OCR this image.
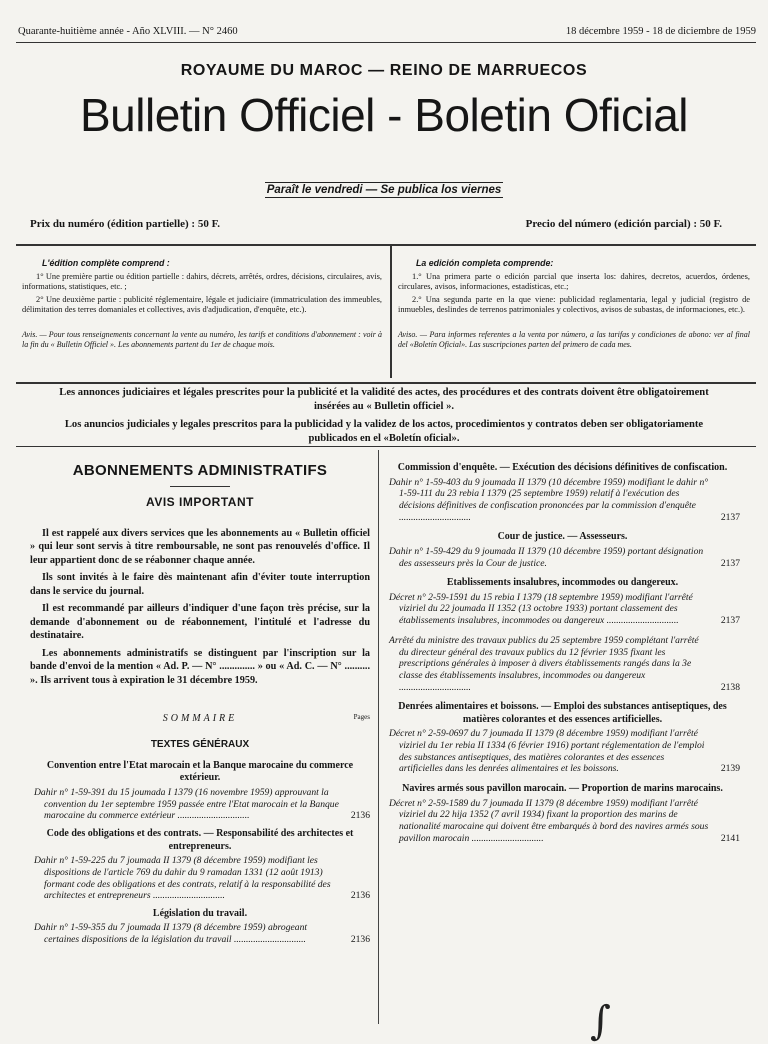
Quarante-huitième année - Año XLVIII. — N° 2460	18 décembre 1959 - 18 de diciembre de 1959
ROYAUME DU MAROC — REINO DE MARRUECOS
Bulletin Officiel - Boletin Oficial
Paraît le vendredi — Se publica los viernes
Prix du numéro (édition partielle) : 50 F.	Precio del número (edición parcial) : 50 F.
L'édition complète comprend :

1° Une première partie ou édition partielle : dahirs, décrets, arrêtés, ordres, décisions, circulaires, avis, informations, statistiques, etc. ;

2° Une deuxième partie : publicité réglementaire, légale et judiciaire (immatriculation des immeubles, délimitation des terres domaniales et collectives, avis d'adjudication, d'enquête, etc.).

Avis. — Pour tous renseignements concernant la vente au numéro, les tarifs et conditions d'abonnement : voir à la fin du « Bulletin Officiel ». Les abonnements partent du 1er de chaque mois.

La edición completa comprende:

1.° Una primera parte o edición parcial que inserta los: dahires, decretos, acuerdos, órdenes, circulares, avisos, informaciones, estadísticas, etc.;

2.° Una segunda parte en la que viene: publicidad reglamentaria, legal y judicial (registro de inmuebles, deslindes de terrenos patrimoniales y colectivos, avisos de subastas, de informaciones, etc.).

Aviso. — Para informes referentes a la venta por número, a las tarifas y condiciones de abono: ver al final del «Boletín Oficial». Las suscripciones parten del primero de cada mes.

Les annonces judiciaires et légales prescrites pour la publicité et la validité des actes, des procédures et des contrats doivent être obligatoirement insérées au « Bulletin officiel ».

Los anuncios judiciales y legales prescritos para la publicidad y la validez de los actos, procedimientos y contratos deben ser obligatoriamente publicados en el «Boletín oficial».

ABONNEMENTS ADMINISTRATIFS
AVIS IMPORTANT

Il est rappelé aux divers services que les abonnements au « Bulletin officiel » qui leur sont servis à titre remboursable, ne sont pas renouvelés d'office. Il leur appartient donc de se réabonner chaque année.

Ils sont invités à le faire dès maintenant afin d'éviter toute interruption dans le service du journal.

Il est recommandé par ailleurs d'indiquer d'une façon très précise, sur la demande d'abonnement ou de réabonnement, l'intitulé et l'adresse du destinataire.

Les abonnements administratifs se distinguent par l'inscription sur la bande d'envoi de la mention « Ad. P. — N° .............. » ou « Ad. C. — N° .......... ». Ils arrivent tous à expiration le 31 décembre 1959.

SOMMAIRE	Pages
TEXTES GÉNÉRAUX
Convention entre l'Etat marocain et la Banque marocaine du commerce extérieur.
Dahir n° 1-59-391 du 15 joumada I 1379 (16 novembre 1959) approuvant la convention du 1er septembre 1959 passée entre l'Etat marocain et la Banque marocaine du commerce extérieur ..............................	2136
Code des obligations et des contrats. — Responsabilité des architectes et entrepreneurs.
Dahir n° 1-59-225 du 7 joumada II 1379 (8 décembre 1959) modifiant les dispositions de l'article 769 du dahir du 9 ramadan 1331 (12 août 1913) formant code des obligations et des contrats, relatif à la responsabilité des architectes et entrepreneurs ..............................	2136
Législation du travail.
Dahir n° 1-59-355 du 7 joumada II 1379 (8 décembre 1959) abrogeant certaines dispositions de la législation du travail ..............................	2136
Commission d'enquête. — Exécution des décisions définitives de confiscation.
Dahir n° 1-59-403 du 9 joumada II 1379 (10 décembre 1959) modifiant le dahir n° 1-59-111 du 23 rebia I 1379 (25 septembre 1959) relatif à l'exécution des décisions définitives de confiscation prononcées par la commission d'enquête ..............................	2137
Cour de justice. — Assesseurs.
Dahir n° 1-59-429 du 9 joumada II 1379 (10 décembre 1959) portant désignation des assesseurs près la Cour de justice.	2137
Etablissements insalubres, incommodes ou dangereux.
Décret n° 2-59-1591 du 15 rebia I 1379 (18 septembre 1959) modifiant l'arrêté viziriel du 22 joumada II 1352 (13 octobre 1933) portant classement des établissements insalubres, incommodes ou dangereux ..............................	2137
Arrêté du ministre des travaux publics du 25 septembre 1959 complétant l'arrêté du directeur général des travaux publics du 12 février 1935 fixant les prescriptions générales à imposer à divers établissements rangés dans la 3e classe des établissements insalubres, incommodes ou dangereux ..............................	2138
Denrées alimentaires et boissons. — Emploi des substances antiseptiques, des matières colorantes et des essences artificielles.
Décret n° 2-59-0697 du 7 joumada II 1379 (8 décembre 1959) modifiant l'arrêté viziriel du 1er rebia II 1334 (6 février 1916) portant réglementation de l'emploi des substances antiseptiques, des matières colorantes et des essences artificielles dans les denrées alimentaires et les boissons.	2139
Navires armés sous pavillon marocain. — Proportion de marins marocains.
Décret n° 2-59-1589 du 7 joumada II 1379 (8 décembre 1959) modifiant l'arrêté viziriel du 22 hija 1352 (7 avril 1934) fixant la proportion des marins de nationalité marocaine qui doivent être embarqués à bord des navires armés sous pavillon marocain ..............................	2141
∫
